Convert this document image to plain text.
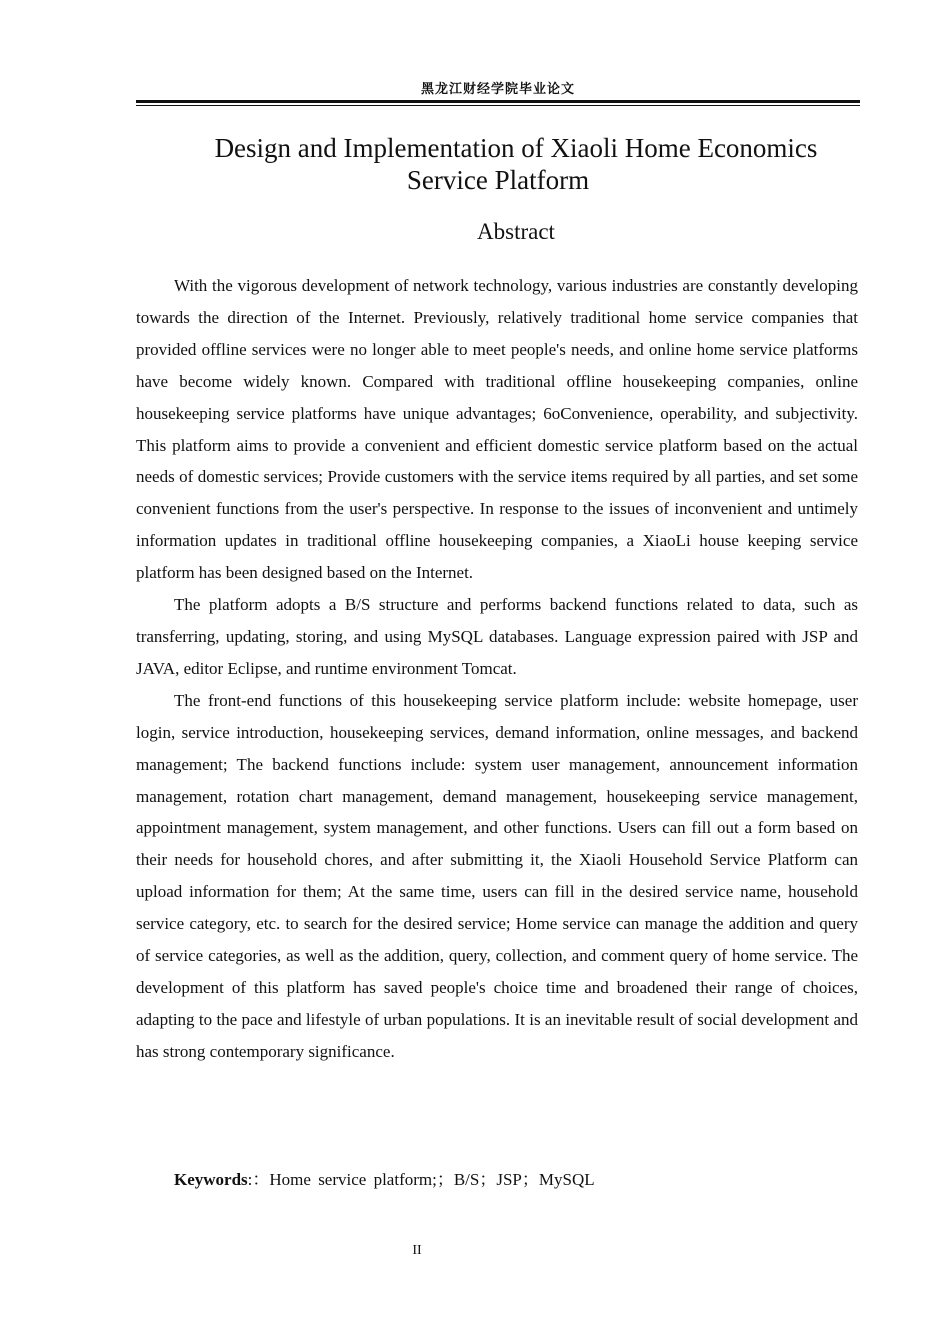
黑龙江财经学院毕业论文
Design and Implementation of Xiaoli Home Economics
Service Platform
Abstract

With the vigorous development of network technology, various industries are constantly developing towards the direction of the Internet. Previously, relatively traditional home service companies that provided offline services were no longer able to meet people's needs, and online home service platforms have become widely known. Compared with traditional offline housekeeping companies, online housekeeping service platforms have unique advantages; 6oConvenience, operability, and subjectivity. This platform aims to provide a convenient and efficient domestic service platform based on the actual needs of domestic services; Provide customers with the service items required by all parties, and set some convenient functions from the user's perspective. In response to the issues of inconvenient and untimely information updates in traditional offline housekeeping companies, a XiaoLi house keeping service platform has been designed based on the Internet.

The platform adopts a B/S structure and performs backend functions related to data, such as transferring, updating, storing, and using MySQL databases. Language expression paired with JSP and JAVA, editor Eclipse, and runtime environment Tomcat.

The front-end functions of this housekeeping service platform include: website homepage, user login, service introduction, housekeeping services, demand information, online messages, and backend management; The backend functions include: system user management, announcement information management, rotation chart management, demand management, housekeeping service management, appointment management, system management, and other functions. Users can fill out a form based on their needs for household chores, and after submitting it, the Xiaoli Household Service Platform can upload information for them; At the same time, users can fill in the desired service name, household service category, etc. to search for the desired service; Home service can manage the addition and query of service categories, as well as the addition, query, collection, and comment query of home service. The development of this platform has saved people's choice time and broadened their range of choices, adapting to the pace and lifestyle of urban populations. It is an inevitable result of social development and has strong contemporary significance.

Keywords:：Home service platform;；B/S；JSP；MySQL
II
